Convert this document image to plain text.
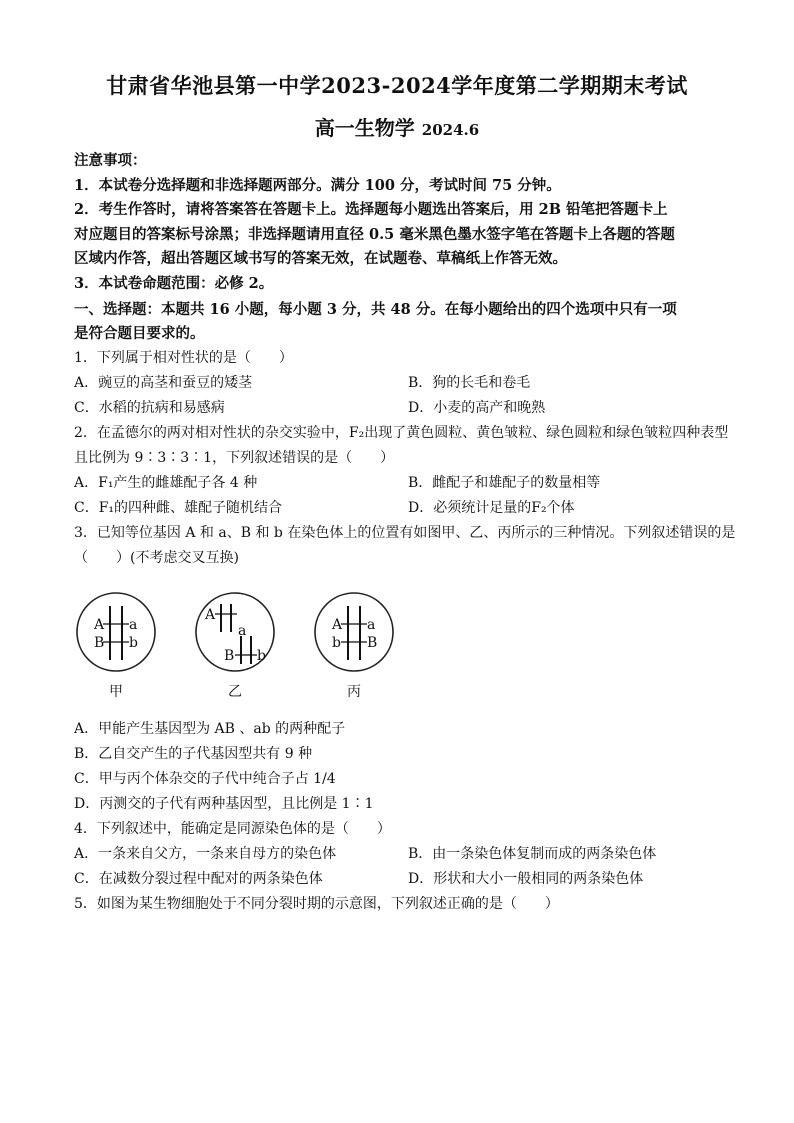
甘肃省华池县第一中学2023-2024学年度第二学期期末考试
高一生物学 2024.6
注意事项：
1．本试卷分选择题和非选择题两部分。满分 100 分，考试时间 75 分钟。
2．考生作答时，请将答案答在答题卡上。选择题每小题选出答案后，用 2B 铅笔把答题卡上
对应题目的答案标号涂黑；非选择题请用直径 0.5 毫米黑色墨水签字笔在答题卡上各题的答题
区域内作答，超出答题区域书写的答案无效，在试题卷、草稿纸上作答无效。
3．本试卷命题范围：必修 2。
一、选择题：本题共 16 小题，每小题 3 分，共 48 分。在每小题给出的四个选项中只有一项
是符合题目要求的。
1．下列属于相对性状的是（　　）
A．豌豆的高茎和蚕豆的矮茎	B．狗的长毛和卷毛
C．水稻的抗病和易感病	D．小麦的高产和晚熟
2．在孟德尔的两对相对性状的杂交实验中，F₂出现了黄色圆粒、黄色皱粒、绿色圆粒和绿色皱粒四种表型
且比例为 9∶3∶3∶1，下列叙述错误的是（　　）
A．F₁产生的雌雄配子各 4 种	B．雌配子和雄配子的数量相等
C．F₁的四种雌、雄配子随机结合	D．必须统计足量的F₂个体
3．已知等位基因 A 和 a、B 和 b 在染色体上的位置有如图甲、乙、丙所示的三种情况。下列叙述错误的是
（　　）(不考虑交叉互换)
A a
B b
A
a
B b
A a
b B
甲	乙	丙
A．甲能产生基因型为 AB 、ab 的两种配子
B．乙自交产生的子代基因型共有 9 种
C．甲与丙个体杂交的子代中纯合子占 1/4
D．丙测交的子代有两种基因型，且比例是 1∶1
4．下列叙述中，能确定是同源染色体的是（　　）
A．一条来自父方，一条来自母方的染色体	B．由一条染色体复制而成的两条染色体
C．在减数分裂过程中配对的两条染色体	D．形状和大小一般相同的两条染色体
5．如图为某生物细胞处于不同分裂时期的示意图，下列叙述正确的是（　　）
